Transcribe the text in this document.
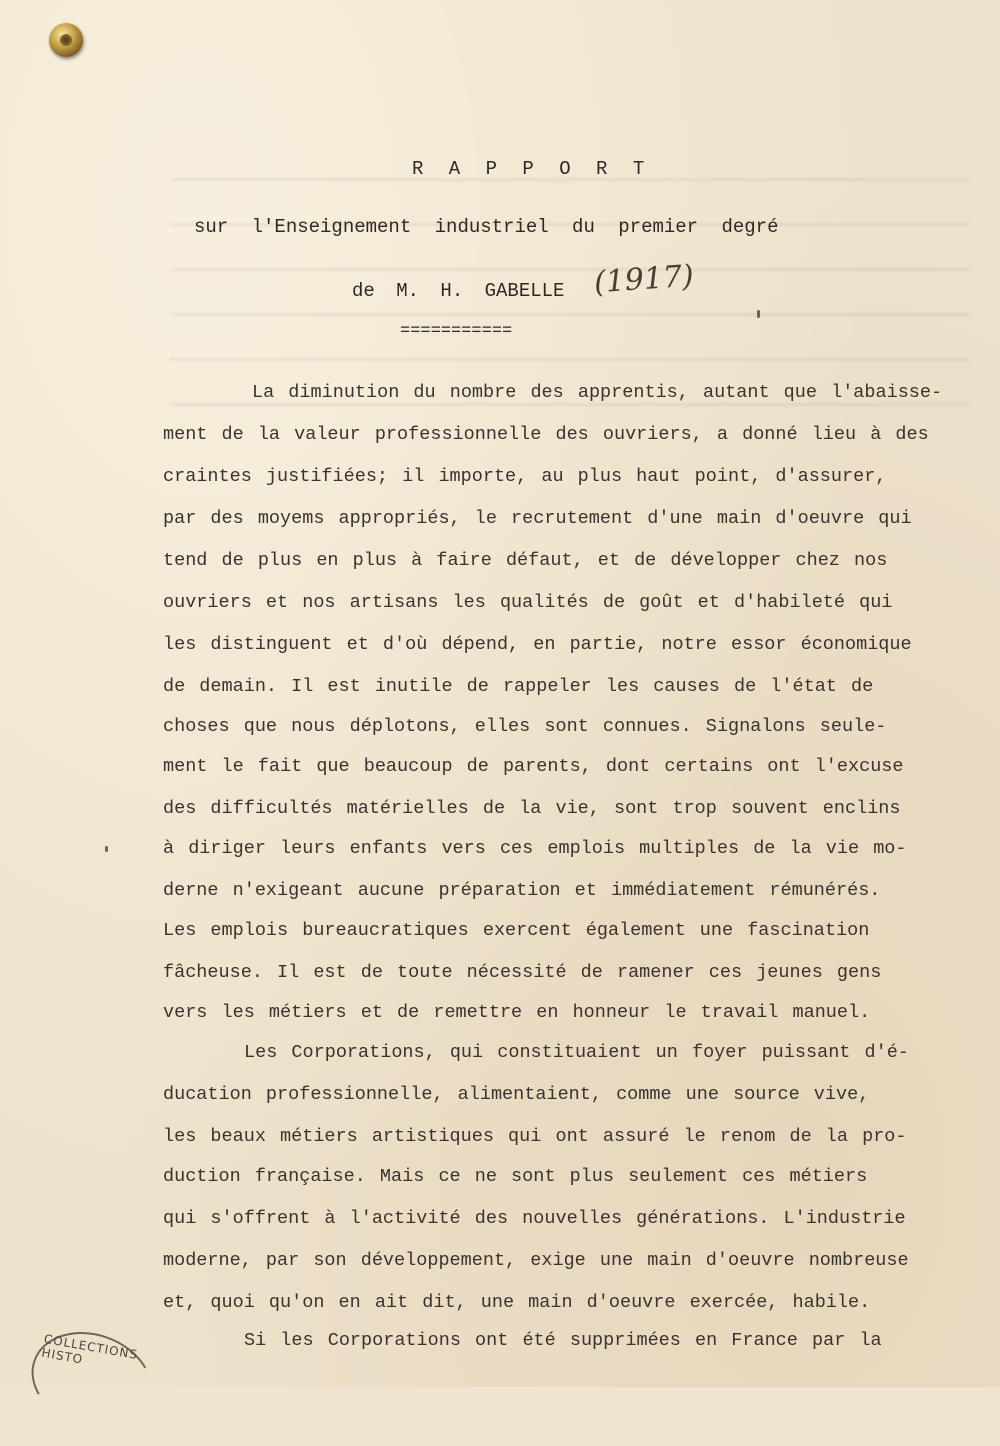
R A P P O R T
sur l'Enseignement industriel du premier degré
de M. H. GABELLE (1917)
===========
La diminution du nombre des apprentis, autant que l'abaisse-
ment de la valeur professionnelle des ouvriers, a donné lieu à des
craintes justifiées; il importe, au plus haut point, d'assurer,
par des moyems appropriés, le recrutement d'une main d'oeuvre qui
tend de plus en plus à faire défaut, et de développer chez nos
ouvriers et nos artisans les qualités de goût et d'habileté qui
les distinguent et d'où dépend, en partie, notre essor économique
de demain. Il est inutile de rappeler les causes de l'état de
choses que nous déplotons, elles sont connues. Signalons seule-
ment le fait que beaucoup de parents, dont certains ont l'excuse
des difficultés matérielles de la vie, sont trop souvent enclins
à diriger leurs enfants vers ces emplois multiples de la vie mo-
derne n'exigeant aucune préparation et immédiatement rémunérés.
Les emplois bureaucratiques exercent également une fascination
fâcheuse. Il est de toute nécessité de ramener ces jeunes gens
vers les métiers et de remettre en honneur le travail manuel.
Les Corporations, qui constituaient un foyer puissant d'é-
ducation professionnelle, alimentaient, comme une source vive,
les beaux métiers artistiques qui ont assuré le renom de la pro-
duction française. Mais ce ne sont plus seulement ces métiers
qui s'offrent à l'activité des nouvelles générations. L'industrie
moderne, par son développement, exige une main d'oeuvre nombreuse
et, quoi qu'on en ait dit, une main d'oeuvre exercée, habile.
Si les Corporations ont été supprimées en France par la
COLLECTIONS HISTO
